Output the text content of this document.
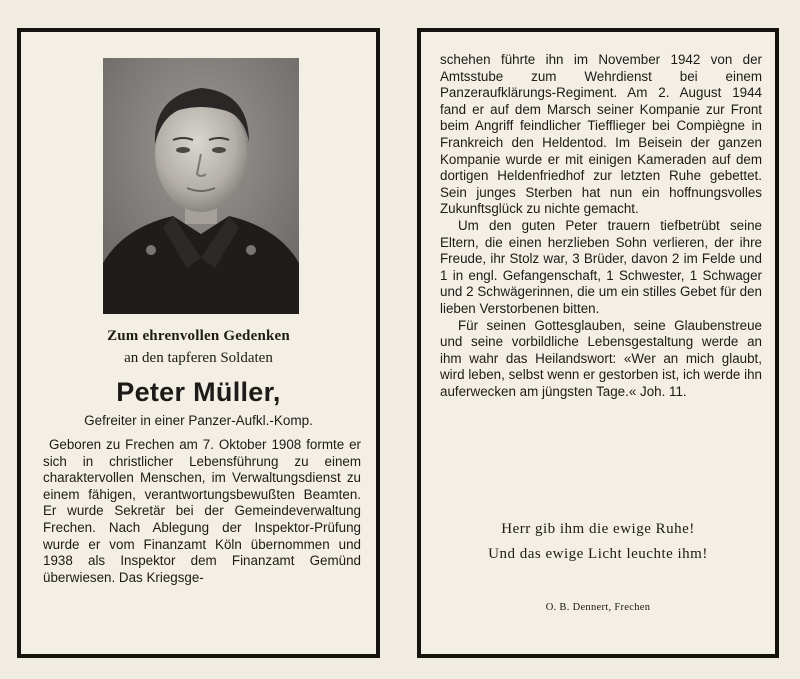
Zum ehrenvollen Gedenken
an den tapferen Soldaten
Peter Müller,
Gefreiter in einer Panzer-Aufkl.-Komp.

Geboren zu Frechen am 7. Oktober 1908 formte er sich in christlicher Lebensführung zu einem charaktervollen Menschen, im Verwaltungsdienst zu einem fähigen, verantwortungsbewußten Beamten. Er wurde Sekretär bei der Gemeindeverwaltung Frechen. Nach Ablegung der Inspektor-Prüfung wurde er vom Finanzamt Köln übernommen und 1938 als Inspektor dem Finanzamt Gemünd überwiesen. Das Kriegsge-

schehen führte ihn im November 1942 von der Amtsstube zum Wehrdienst bei einem Panzeraufklärungs-Regiment. Am 2. August 1944 fand er auf dem Marsch seiner Kompanie zur Front beim Angriff feindlicher Tiefflieger bei Compiègne in Frankreich den Heldentod. Im Beisein der ganzen Kompanie wurde er mit einigen Kameraden auf dem dortigen Heldenfriedhof zur letzten Ruhe gebettet. Sein junges Sterben hat nun ein hoffnungsvolles Zukunftsglück zu nichte gemacht.

Um den guten Peter trauern tiefbetrübt seine Eltern, die einen herzlieben Sohn verlieren, der ihre Freude, ihr Stolz war, 3 Brüder, davon 2 im Felde und 1 in engl. Gefangenschaft, 1 Schwester, 1 Schwager und 2 Schwägerinnen, die um ein stilles Gebet für den lieben Verstorbenen bitten.

Für seinen Gottesglauben, seine Glaubenstreue und seine vorbildliche Lebensgestaltung werde an ihm wahr das Heilandswort: «Wer an mich glaubt, wird leben, selbst wenn er gestorben ist, ich werde ihn auferwecken am jüngsten Tage.« Joh. 11.

Herr gib ihm die ewige Ruhe!
Und das ewige Licht leuchte ihm!
O. B. Dennert, Frechen
